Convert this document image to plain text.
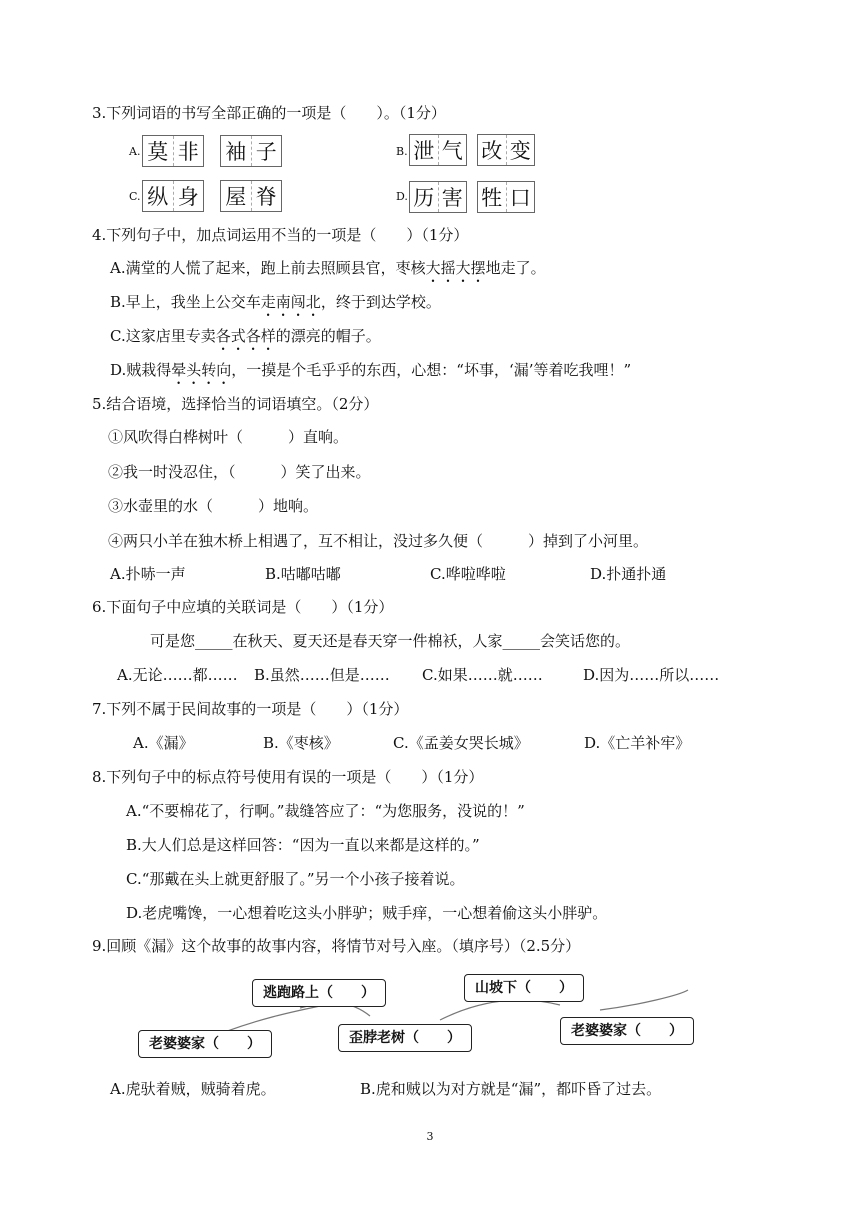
3.下列词语的书写全部正确的一项是（　　）。（1分）
A. 莫 非 袖 子	B. 泄 气 改 变
C. 纵 身 屋 脊	D. 历 害 牲 口
4.下列句子中，加点词运用不当的一项是（　　）（1分）
A.满堂的人慌了起来，跑上前去照顾县官，枣核大摇大摆地走了。
B.早上，我坐上公交车走南闯北，终于到达学校。
C.这家店里专卖各式各样的漂亮的帽子。
D.贼栽得晕头转向，一摸是个毛乎乎的东西，心想：“坏事，‘漏’等着吃我哩！”
5.结合语境，选择恰当的词语填空。（2分）
①风吹得白桦树叶（　　　）直响。
②我一时没忍住，（　　　）笑了出来。
③水壶里的水（　　　）地响。
④两只小羊在独木桥上相遇了，互不相让，没过多久便（　　　）掉到了小河里。
A.扑哧一声	B.咕嘟咕嘟	C.哗啦哗啦	D.扑通扑通
6.下面句子中应填的关联词是（　　）（1分）
可是您_____在秋天、夏天还是春天穿一件棉袄，人家_____会笑话您的。
A.无论……都…… B.虽然……但是…… C.如果……就……	D.因为……所以……
7.下列不属于民间故事的一项是（　　）（1分）
A.《漏》	B.《枣核》	C.《孟姜女哭长城》	D.《亡羊补牢》
8.下列句子中的标点符号使用有误的一项是（　　）（1分）
A.“不要棉花了，行啊。”裁缝答应了：“为您服务，没说的！”
B.大人们总是这样回答：“因为一直以来都是这样的。”
C.“那戴在头上就更舒服了。”另一个小孩子接着说。
D.老虎嘴馋，一心想着吃这头小胖驴；贼手痒，一心想着偷这头小胖驴。
9.回顾《漏》这个故事的故事内容，将情节对号入座。（填序号）（2.5分）
老婆婆家（　　）
逃跑路上（　　）
歪脖老树（　　）
山坡下（　　）
老婆婆家（　　）
A.虎驮着贼，贼骑着虎。	B.虎和贼以为对方就是“漏”，都吓昏了过去。
3
